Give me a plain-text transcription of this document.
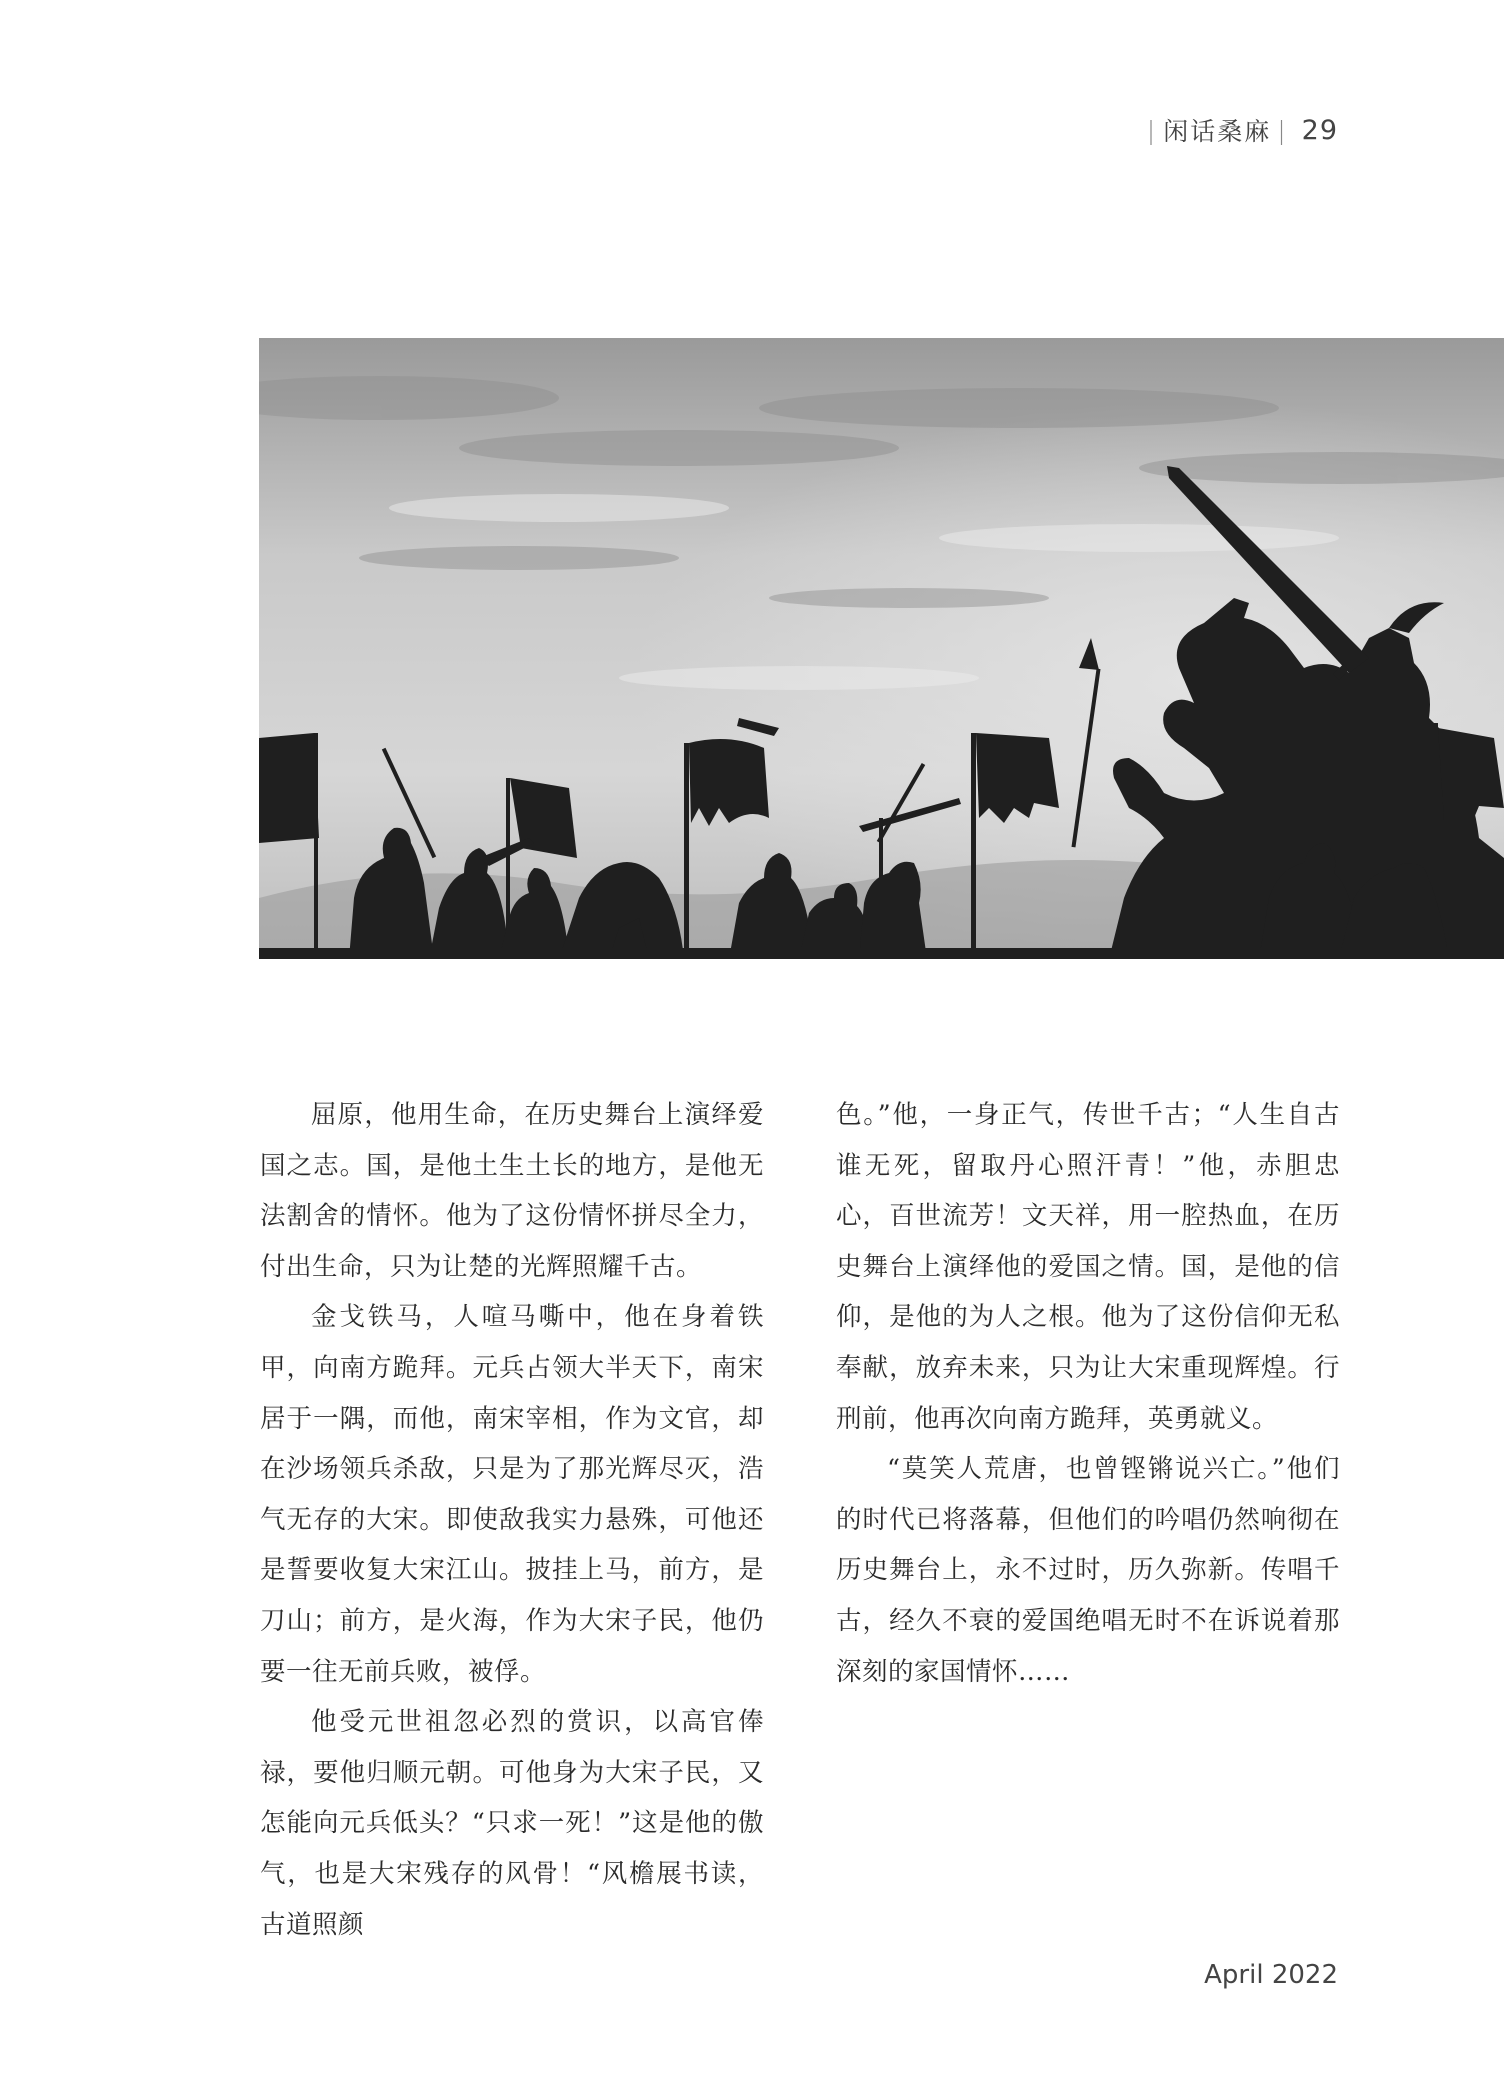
| 闲话桑麻 | 29

屈原，他用生命，在历史舞台上演绎爱国之志。国，是他土生土长的地方，是他无法割舍的情怀。他为了这份情怀拼尽全力，付出生命，只为让楚的光辉照耀千古。

金戈铁马，人喧马嘶中，他在身着铁甲，向南方跪拜。元兵占领大半天下，南宋居于一隅，而他，南宋宰相，作为文官，却在沙场领兵杀敌，只是为了那光辉尽灭，浩气无存的大宋。即使敌我实力悬殊，可他还是誓要收复大宋江山。披挂上马，前方，是刀山；前方，是火海，作为大宋子民，他仍要一往无前兵败，被俘。

他受元世祖忽必烈的赏识，以高官俸禄，要他归顺元朝。可他身为大宋子民，又怎能向元兵低头？“只求一死！”这是他的傲气，也是大宋残存的风骨！“风檐展书读，古道照颜

色。”他，一身正气，传世千古；“人生自古谁无死，留取丹心照汗青！”他，赤胆忠心，百世流芳！文天祥，用一腔热血，在历史舞台上演绎他的爱国之情。国，是他的信仰，是他的为人之根。他为了这份信仰无私奉献，放弃未来，只为让大宋重现辉煌。行刑前，他再次向南方跪拜，英勇就义。

“莫笑人荒唐，也曾铿锵说兴亡。”他们的时代已将落幕，但他们的吟唱仍然响彻在历史舞台上，永不过时，历久弥新。传唱千古，经久不衰的爱国绝唱无时不在诉说着那深刻的家国情怀……

April 2022
